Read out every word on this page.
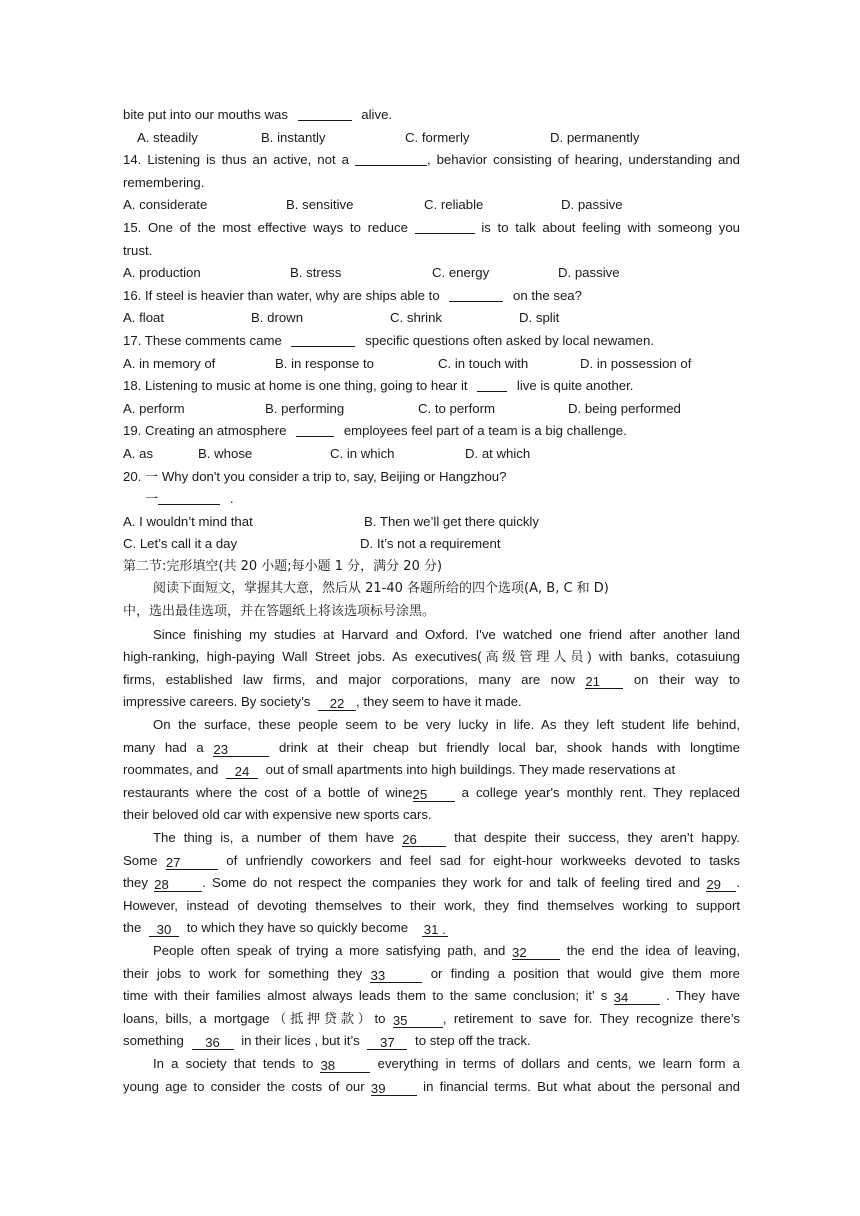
bite put into our mouths was	alive.
A. steadily	B. instantly	C. formerly	D. permanently
14. Listening is thus an active, not a	, behavior consisting of hearing, understanding and
remembering.
A. considerate	B. sensitive	C. reliable	D. passive
15. One of the most effective ways to reduce	is to talk about feeling with someong you
trust.
A. production	B. stress	C. energy	D. passive
16. If steel is heavier than water, why are ships able to	on the sea?
A. float	B. drown	C. shrink	D. split
17. These comments came	specific questions often asked by local newamen.
A. in memory of	B. in response to	C. in touch with	D. in possession of
18. Listening to music at home is one thing, going to hear it	live is quite another.
A. perform	B. performing	C. to perform	D. being performed
19. Creating an atmosphere	employees feel part of a team is a big challenge.
A. as	B. whose	C. in which	D. at which
20. 一 Why don't you consider a trip to, say, Beijing or Hangzhou?
一	.
A. I wouldn’t mind that	B. Then we’ll get there quickly
C. Let’s call it a day	D. It’s not a requirement
第二节:完形填空(共 20 小题;每小题 1 分，满分 20 分)
阅读下面短文，掌握其大意，然后从 21-40 各题所给的四个选项(A, B, C 和 D)
中，选出最佳选项，并在答题纸上将该选项标号涂黑。
Since finishing my studies at Harvard and Oxford. I've watched one friend after another land
high-ranking, high-paying Wall Street jobs. As executives(高级管理人员) with banks, cotasuiung
firms, established law firms, and major corporations, many are now 21	on their way to
impressive careers. By society’s 22 , they seem to have it made.
On the surface, these people seem to be very lucky in life. As they left student life behind,
many had a 23	drink at their cheap but friendly local bar, shook hands with longtime
roommates, and 24 out of small apartments into high buildings. They made reservations at
restaurants where the cost of a bottle of wine25	a college year's monthly rent. They replaced
their beloved old car with expensive new sports cars.
The thing is, a number of them have 26	that despite their success, they aren’t happy.
Some 27	of unfriendly coworkers and feel sad for eight-hour workweeks devoted to tasks
they 28	. Some do not respect the companies they work for and talk of feeling tired and 29 .
However, instead of devoting themselves to their work, they find themselves working to support
the 30 to which they have so quickly become 31 .
People often speak of trying a more satisfying path, and 32	the end the idea of leaving,
their jobs to work for something they 33	or finding a position that would give them more
time with their families almost always leads them to the same conclusion; it’ s 34	. They have
loans, bills, a mortgage（抵押贷款）to 35	, retirement to save for. They recognize there’s
something 36 in their lices , but it’s 37 to step off the track.
In a society that tends to 38	everything in terms of dollars and cents, we learn form a
young age to consider the costs of our 39	in financial terms. But what about the personal and
